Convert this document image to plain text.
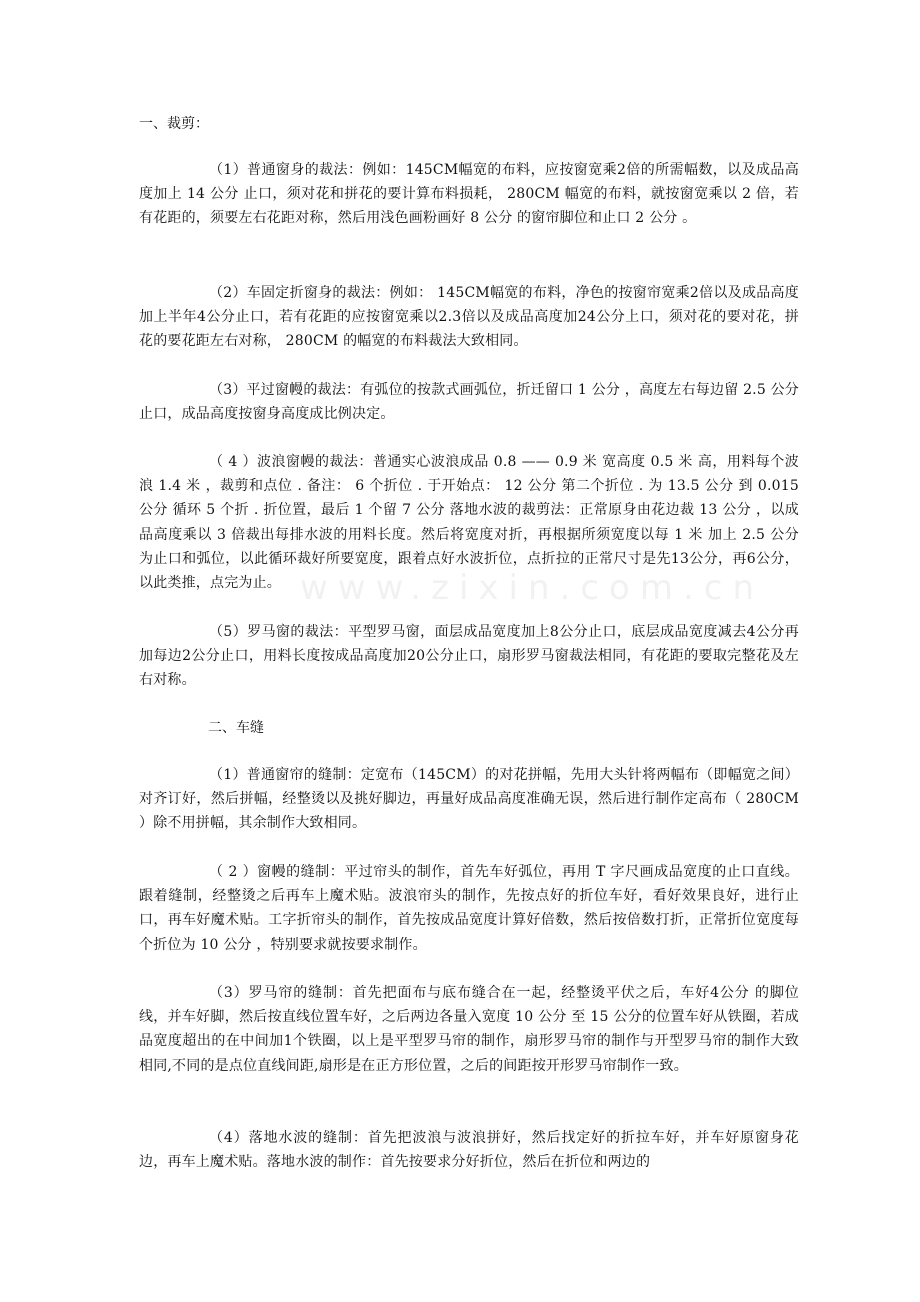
一、裁剪：
（1）普通窗身的裁法：例如：145CM幅宽的布料，应按窗宽乘2倍的所需幅数，以及成品高度加上 14 公分 止口，须对花和拼花的要计算布料损耗， 280CM 幅宽的布料，就按窗宽乘以 2 倍，若有花距的，须要左右花距对称，然后用浅色画粉画好 8 公分 的窗帘脚位和止口 2 公分 。
（2）车固定折窗身的裁法：例如： 145CM幅宽的布料，净色的按窗帘宽乘2倍以及成品高度加上半年4公分止口，若有花距的应按窗宽乘以2.3倍以及成品高度加24公分上口，须对花的要对花，拼花的要花距左右对称， 280CM 的幅宽的布料裁法大致相同。
（3）平过窗幔的裁法：有弧位的按款式画弧位，折迁留口 1 公分 ，高度左右每边留 2.5 公分 止口，成品高度按窗身高度成比例决定。
（ 4 ）波浪窗幔的裁法：普通实心波浪成品 0.8 —— 0.9 米 宽高度 0.5 米 高，用料每个波浪 1.4 米 ，裁剪和点位 . 备注： 6 个折位 . 于开始点： 12 公分 第二个折位 . 为 13.5 公分 到 0.015 公分 循环 5 个折 . 折位置，最后 1 个留 7 公分 落地水波的裁剪法：正常原身由花边裁 13 公分 ，以成品高度乘以 3 倍裁出每排水波的用料长度。然后将宽度对折，再根据所须宽度以每 1 米 加上 2.5 公分 为止口和弧位，以此循环裁好所要宽度，跟着点好水波折位，点折拉的正常尺寸是先13公分，再6公分，以此类推，点完为止。
（5）罗马窗的裁法：平型罗马窗，面层成品宽度加上8公分止口，底层成品宽度减去4公分再加每边2公分止口，用料长度按成品高度加20公分止口，扇形罗马窗裁法相同，有花距的要取完整花及左右对称。
二、车缝
（1）普通窗帘的缝制：定宽布（145CM）的对花拼幅，先用大头针将两幅布（即幅宽之间）对齐订好，然后拼幅，经整烫以及挑好脚边，再量好成品高度准确无误，然后进行制作定高布（ 280CM ）除不用拼幅，其余制作大致相同。
（ 2 ）窗幔的缝制：平过帘头的制作，首先车好弧位，再用 T 字尺画成品宽度的止口直线。跟着缝制，经整烫之后再车上魔术贴。波浪帘头的制作，先按点好的折位车好，看好效果良好，进行止口，再车好魔术贴。工字折帘头的制作，首先按成品宽度计算好倍数，然后按倍数打折，正常折位宽度每个折位为 10 公分 ，特别要求就按要求制作。
（3）罗马帘的缝制：首先把面布与底布缝合在一起，经整烫平伏之后，车好4公分 的脚位线，并车好脚，然后按直线位置车好，之后两边各量入宽度 10 公分 至 15 公分的位置车好从铁圈，若成品宽度超出的在中间加1个铁圈，以上是平型罗马帘的制作，扇形罗马帘的制作与开型罗马帘的制作大致相同,不同的是点位直线间距,扇形是在正方形位置，之后的间距按开形罗马帘制作一致。
（4）落地水波的缝制：首先把波浪与波浪拼好，然后找定好的折拉车好，并车好原窗身花边，再车上魔术贴。落地水波的制作：首先按要求分好折位，然后在折位和两边的
www.zixin.com.cn
